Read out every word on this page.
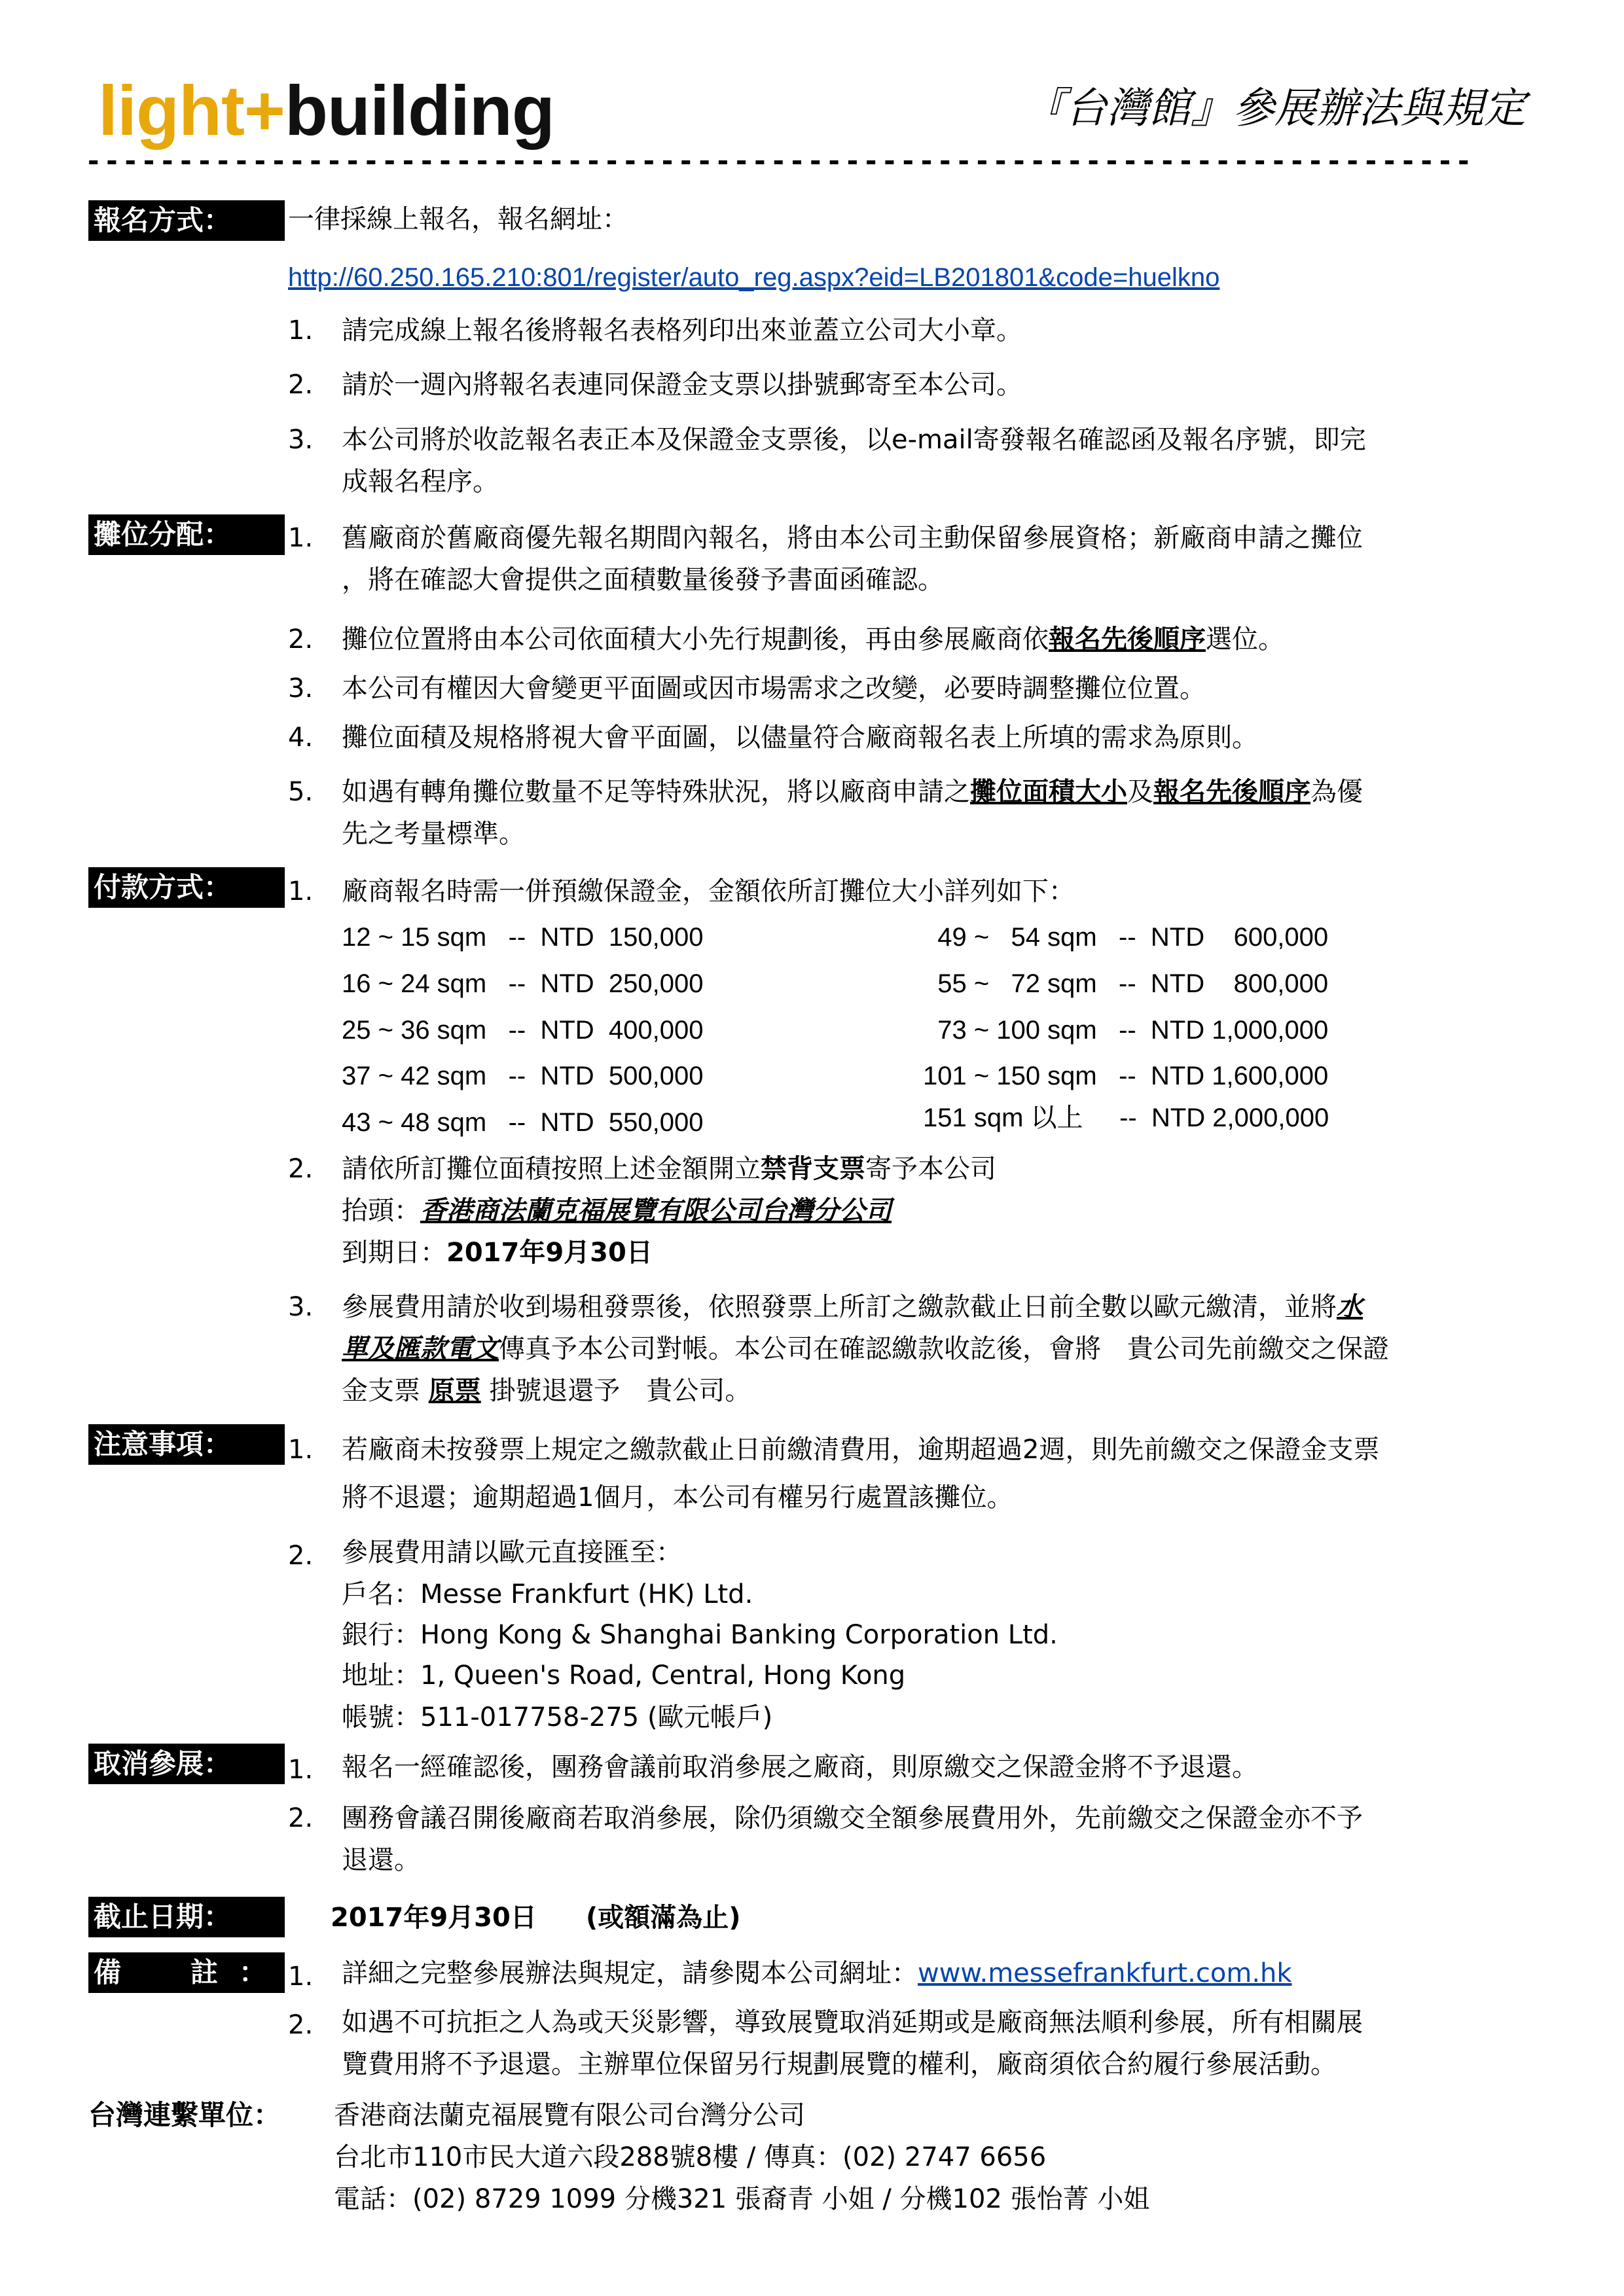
light+building	『台灣館』參展辦法與規定
---------------------------------------------------------------------------
報名方式：	一律採線上報名，報名網址：
http://60.250.165.210:801/register/auto_reg.aspx?eid=LB201801&code=huelkno
1. 請完成線上報名後將報名表格列印出來並蓋立公司大小章。
2. 請於一週內將報名表連同保證金支票以掛號郵寄至本公司。
3. 本公司將於收訖報名表正本及保證金支票後，以e-mail寄發報名確認函及報名序號，即完
成報名程序。
攤位分配：	1. 舊廠商於舊廠商優先報名期間內報名，將由本公司主動保留參展資格；新廠商申請之攤位
，將在確認大會提供之面積數量後發予書面函確認。
2. 攤位位置將由本公司依面積大小先行規劃後，再由參展廠商依報名先後順序選位。
3. 本公司有權因大會變更平面圖或因市場需求之改變，必要時調整攤位位置。
4. 攤位面積及規格將視大會平面圖，以儘量符合廠商報名表上所填的需求為原則。
5. 如遇有轉角攤位數量不足等特殊狀況，將以廠商申請之攤位面積大小及報名先後順序為優
先之考量標準。
付款方式：	1. 廠商報名時需一併預繳保證金，金額依所訂攤位大小詳列如下：
12 ~ 15 sqm   --  NTD  150,000
16 ~ 24 sqm   --  NTD  250,000
25 ~ 36 sqm   --  NTD  400,000
37 ~ 42 sqm   --  NTD  500,000
43 ~ 48 sqm   --  NTD  550,000
49 ~   54 sqm   --  NTD    600,000
55 ~   72 sqm   --  NTD    800,000
73 ~ 100 sqm   --  NTD 1,000,000
101 ~ 150 sqm   --  NTD 1,600,000
151 sqm 以上     --  NTD 2,000,000
2. 請依所訂攤位面積按照上述金額開立禁背支票寄予本公司
抬頭：香港商法蘭克福展覽有限公司台灣分公司
到期日：2017年9月30日
3. 參展費用請於收到場租發票後，依照發票上所訂之繳款截止日前全數以歐元繳清，並將水
單及匯款電文傳真予本公司對帳。本公司在確認繳款收訖後，會將　貴公司先前繳交之保證
金支票 原票 掛號退還予　貴公司。
注意事項：	1. 若廠商未按發票上規定之繳款截止日前繳清費用，逾期超過2週，則先前繳交之保證金支票
將不退還；逾期超過1個月，本公司有權另行處置該攤位。
2. 參展費用請以歐元直接匯至：
戶名：Messe Frankfurt (HK) Ltd.
銀行：Hong Kong & Shanghai Banking Corporation Ltd.
地址：1, Queen's Road, Central, Hong Kong
帳號：511-017758-275 (歐元帳戶)
取消參展：	1. 報名一經確認後，團務會議前取消參展之廠商，則原繳交之保證金將不予退還。
2. 團務會議召開後廠商若取消參展，除仍須繳交全額參展費用外，先前繳交之保證金亦不予
退還。
截止日期：	2017年9月30日 (或額滿為止)
備　註： 1. 詳細之完整參展辦法與規定，請參閱本公司網址：www.messefrankfurt.com.hk
2. 如遇不可抗拒之人為或天災影響，導致展覽取消延期或是廠商無法順利參展，所有相關展
覽費用將不予退還。主辦單位保留另行規劃展覽的權利，廠商須依合約履行參展活動。
台灣連繫單位： 香港商法蘭克福展覽有限公司台灣分公司
台北市110市民大道六段288號8樓 / 傳真：(02) 2747 6656
電話：(02) 8729 1099 分機321 張裔青 小姐 / 分機102 張怡菁 小姐
